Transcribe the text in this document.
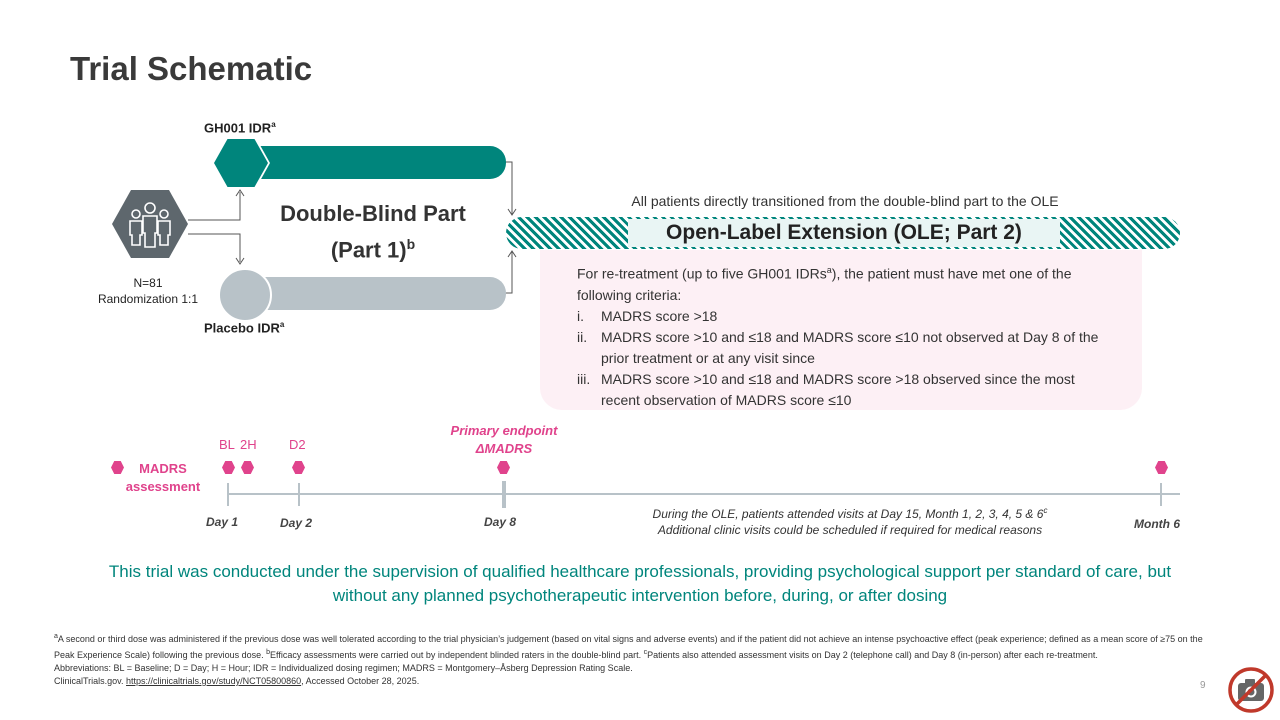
Trial Schematic
GH001 IDR$^a$
Placebo IDR$^a$
Double-Blind Part
(Part 1)$^b$
N=81
Randomization 1:1
All patients directly transitioned from the double-blind part to the OLE
Open-Label Extension (OLE; Part 2)
For re-treatment (up to five GH001 IDRs$^a$), the patient must have met one of the following criteria:
i.	MADRS score >18
ii. MADRS score >10 and ≤18 and MADRS score ≤10 not observed at Day 8 of the prior treatment or at any visit since
iii. MADRS score >10 and ≤18 and MADRS score >18 observed since the most recent observation of MADRS score ≤10
MADRS assessment
BL 2H D2
Primary endpoint
ΔMADRS
Day 1	Day 2	Day 8	Month 6
During the OLE, patients attended visits at Day 15, Month 1, 2, 3, 4, 5 & 6$^c$
Additional clinic visits could be scheduled if required for medical reasons
This trial was conducted under the supervision of qualified healthcare professionals, providing psychological support per standard of care, but without any planned psychotherapeutic intervention before, during, or after dosing
$^a$A second or third dose was administered if the previous dose was well tolerated according to the trial physician’s judgement (based on vital signs and adverse events) and if the patient did not achieve an intense psychoactive effect (peak experience; defined as a mean score of ≥75 on the Peak Experience Scale) following the previous dose. $^b$Efficacy assessments were carried out by independent blinded raters in the double-blind part. $^c$Patients also attended assessment visits on Day 2 (telephone call) and Day 8 (in-person) after each re-treatment.
Abbreviations: BL = Baseline; D = Day; H = Hour; IDR = Individualized dosing regimen; MADRS = Montgomery–Åsberg Depression Rating Scale.
ClinicalTrials.gov. https://clinicaltrials.gov/study/NCT05800860, Accessed October 28, 2025.	9
